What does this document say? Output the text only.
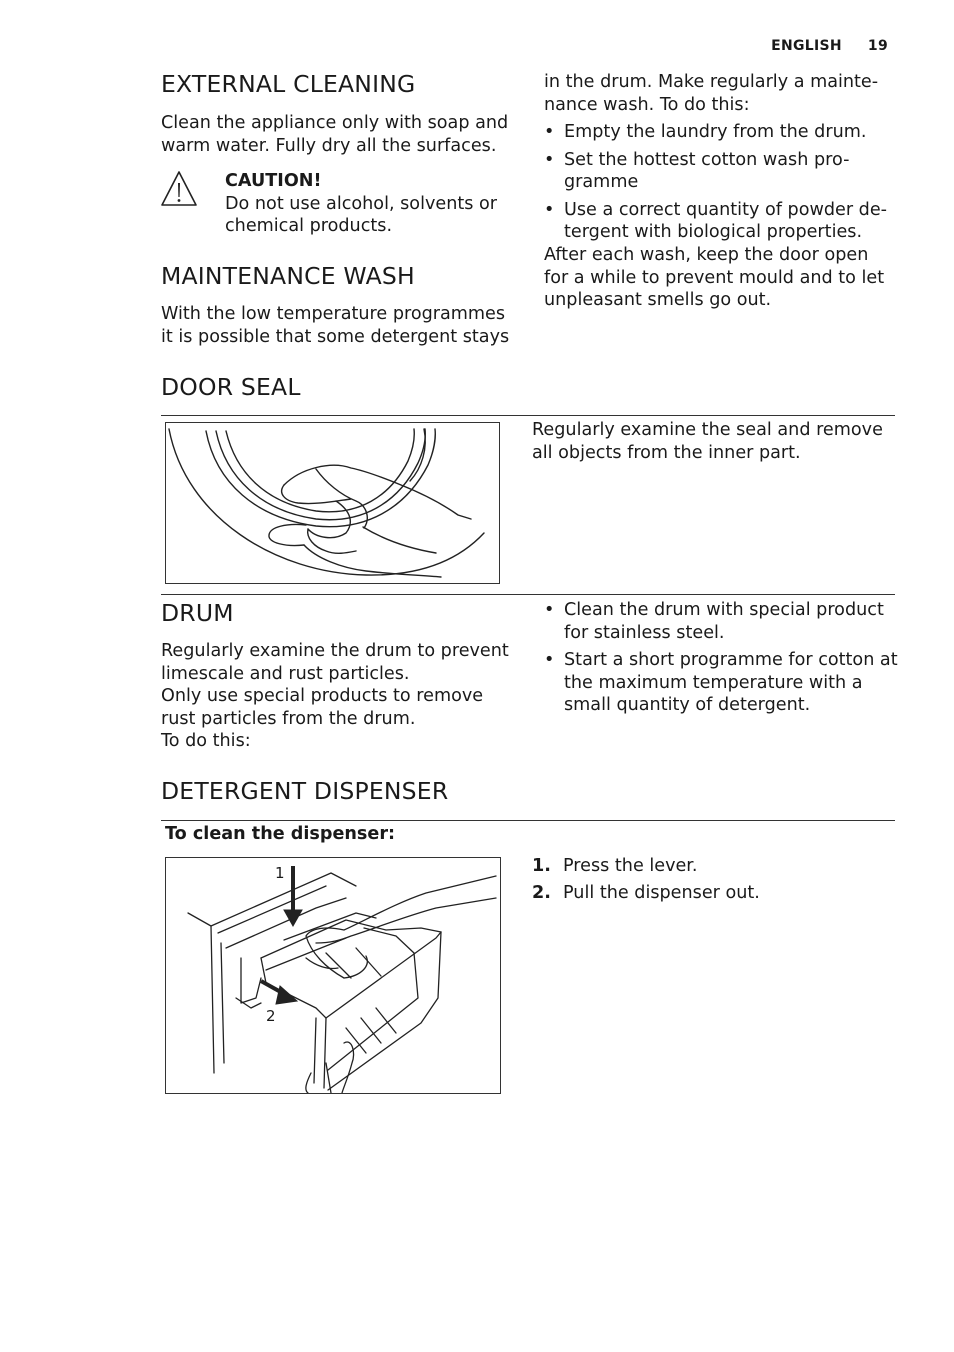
ENGLISH 19
EXTERNAL CLEANING
Clean the appliance only with soap and
warm water. Fully dry all the surfaces.
CAUTION!
Do not use alcohol, solvents or
chemical products.
MAINTENANCE WASH
With the low temperature programmes
it is possible that some detergent stays
in the drum. Make regularly a mainte-
nance wash. To do this:
• Empty the laundry from the drum.
• Set the hottest cotton wash pro-
gramme
• Use a correct quantity of powder de-
tergent with biological properties.
After each wash, keep the door open
for a while to prevent mould and to let
unpleasant smells go out.
DOOR SEAL
Regularly examine the seal and remove
all objects from the inner part.
DRUM
Regularly examine the drum to prevent
limescale and rust particles.
Only use special products to remove
rust particles from the drum.
To do this:
• Clean the drum with special product
for stainless steel.
• Start a short programme for cotton at
the maximum temperature with a
small quantity of detergent.
DETERGENT DISPENSER
To clean the dispenser:
1
2
1. Press the lever.
2. Pull the dispenser out.
